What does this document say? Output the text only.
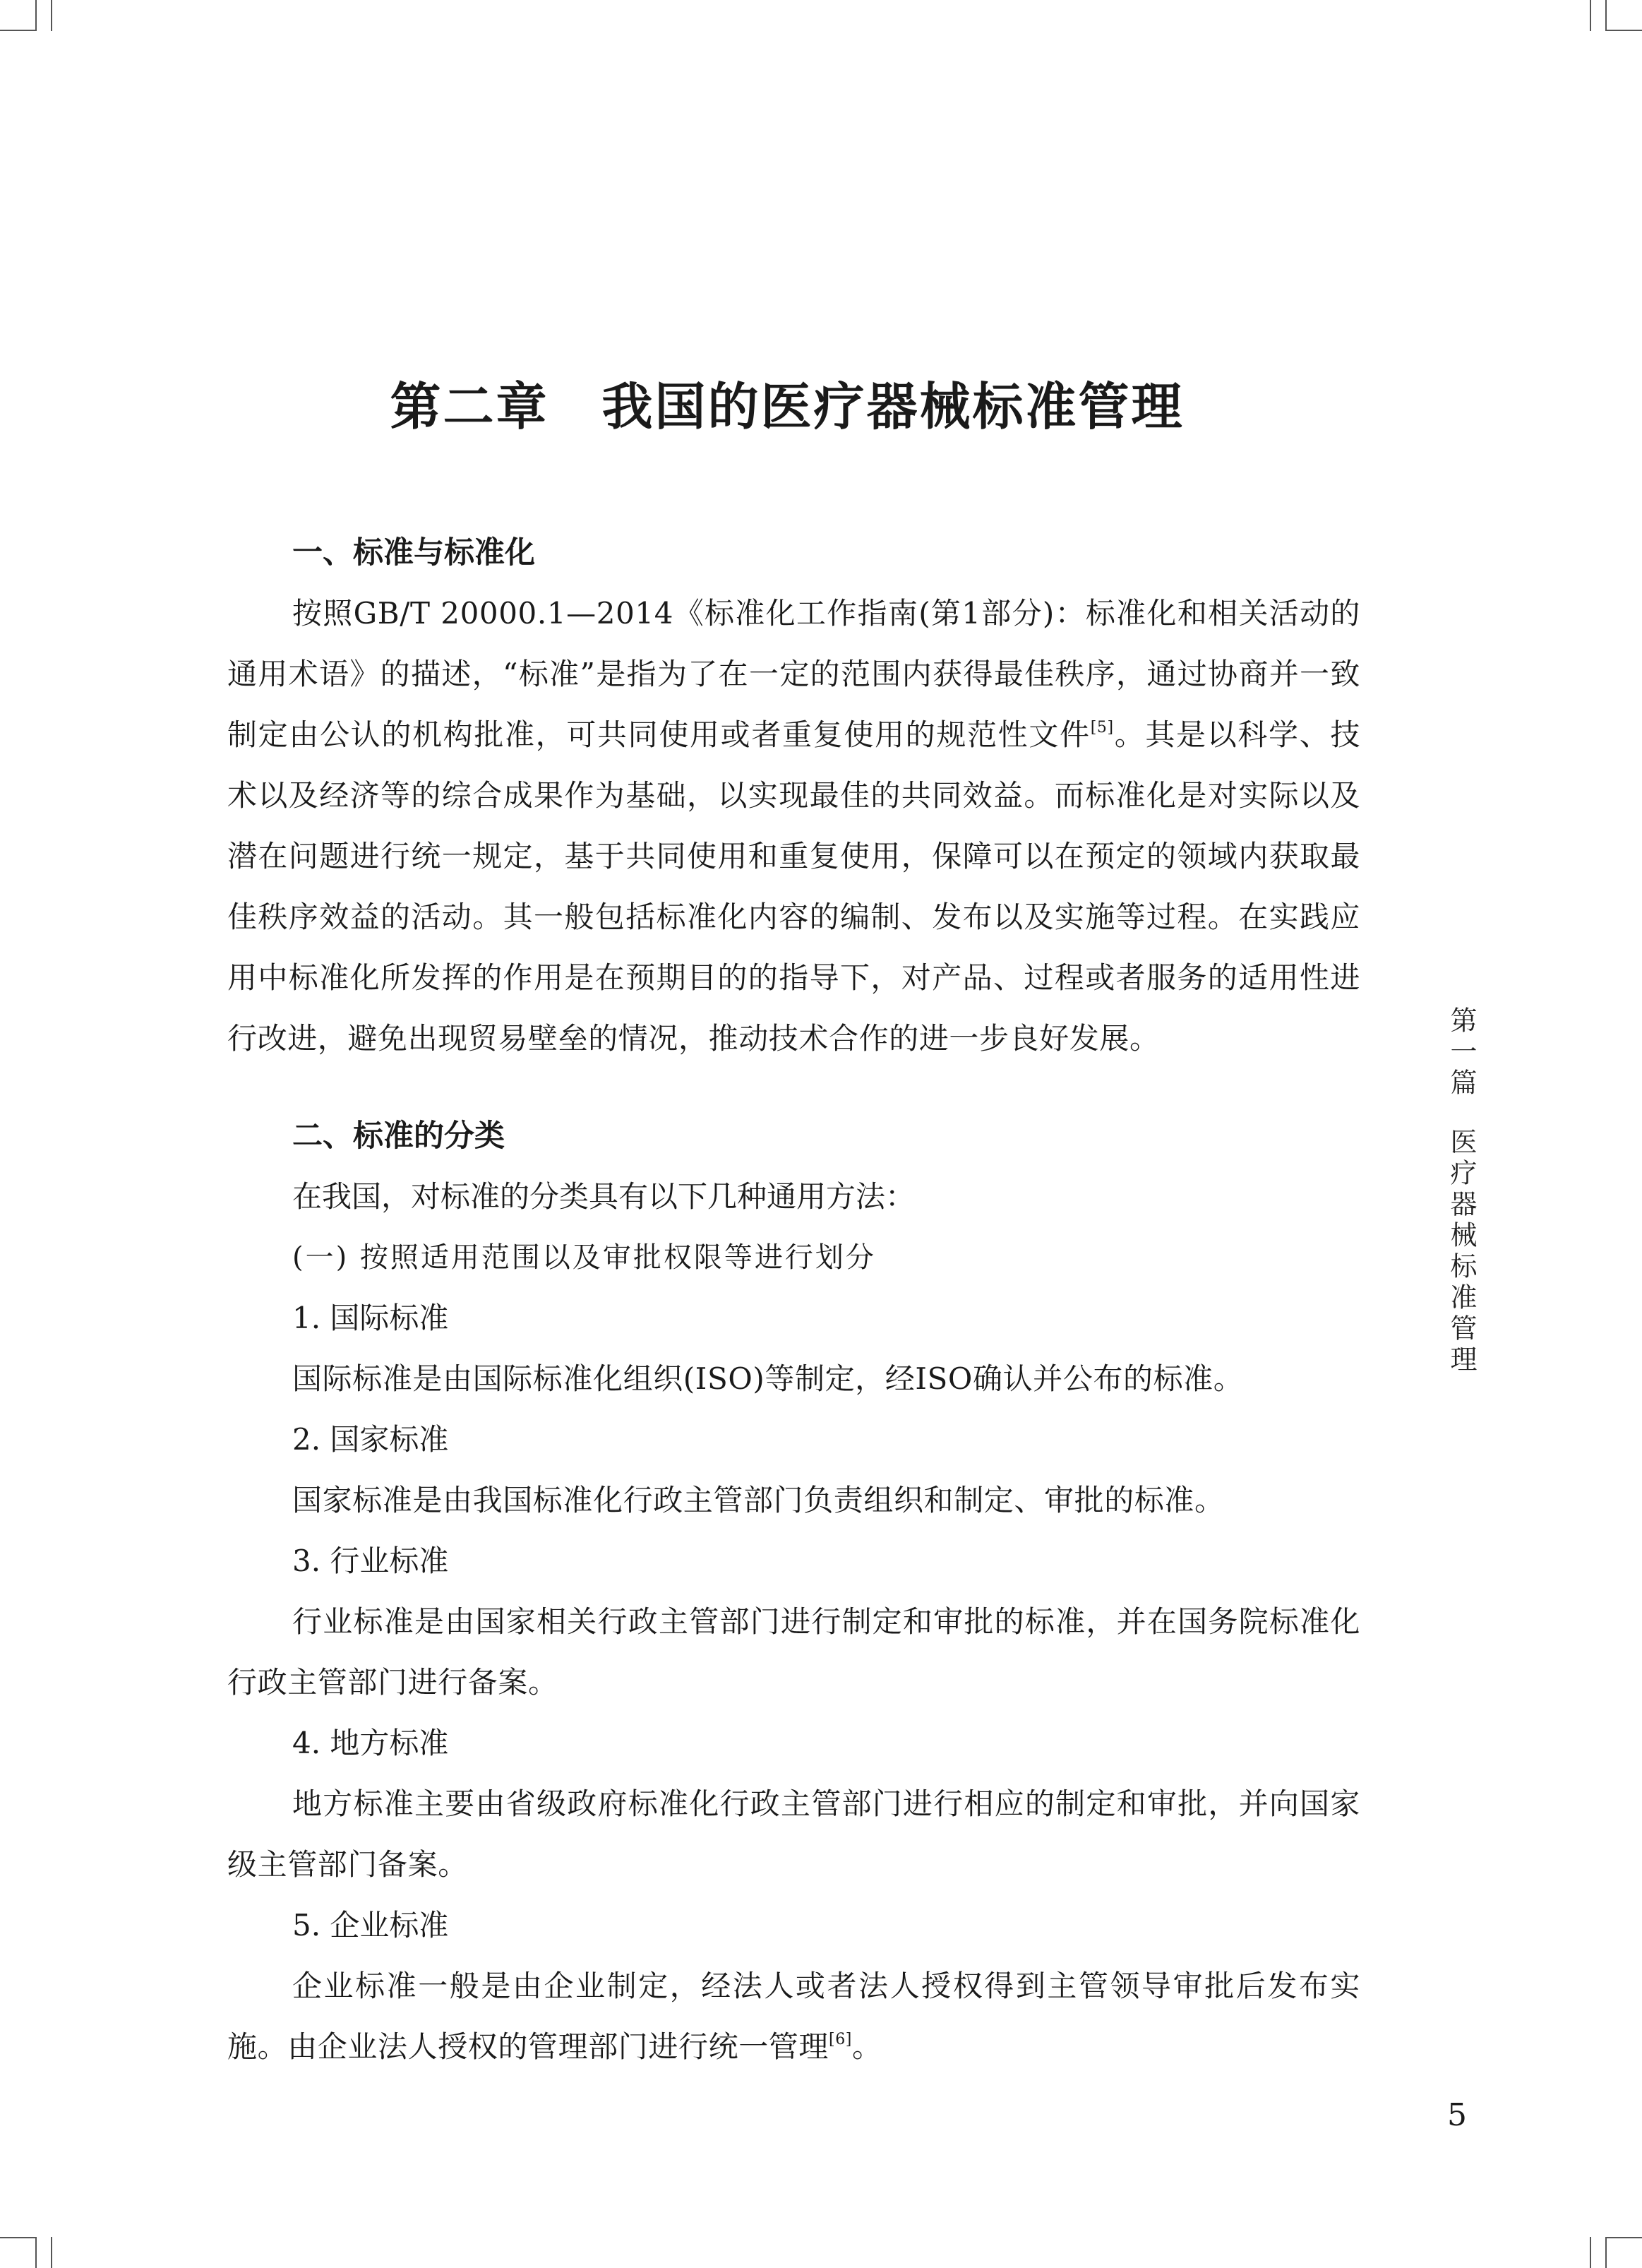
第二章　我国的医疗器械标准管理
一、标准与标准化

按照GB/T 20000.1—2014《标准化工作指南(第1部分)：标准化和相关活动的通用术语》的描述，“标准”是指为了在一定的范围内获得最佳秩序，通过协商并一致制定由公认的机构批准，可共同使用或者重复使用的规范性文件[5]。其是以科学、技术以及经济等的综合成果作为基础，以实现最佳的共同效益。而标准化是对实际以及潜在问题进行统一规定，基于共同使用和重复使用，保障可以在预定的领域内获取最佳秩序效益的活动。其一般包括标准化内容的编制、发布以及实施等过程。在实践应用中标准化所发挥的作用是在预期目的的指导下，对产品、过程或者服务的适用性进行改进，避免出现贸易壁垒的情况，推动技术合作的进一步良好发展。

二、标准的分类

在我国，对标准的分类具有以下几种通用方法：

(一) 按照适用范围以及审批权限等进行划分

1. 国际标准

国际标准是由国际标准化组织(ISO)等制定，经ISO确认并公布的标准。

2. 国家标准

国家标准是由我国标准化行政主管部门负责组织和制定、审批的标准。

3. 行业标准

行业标准是由国家相关行政主管部门进行制定和审批的标准，并在国务院标准化行政主管部门进行备案。

4. 地方标准

地方标准主要由省级政府标准化行政主管部门进行相应的制定和审批，并向国家级主管部门备案。

5. 企业标准

企业标准一般是由企业制定，经法人或者法人授权得到主管领导审批后发布实施。由企业法人授权的管理部门进行统一管理[6]。

第一篇医疗器械标准管理
5
